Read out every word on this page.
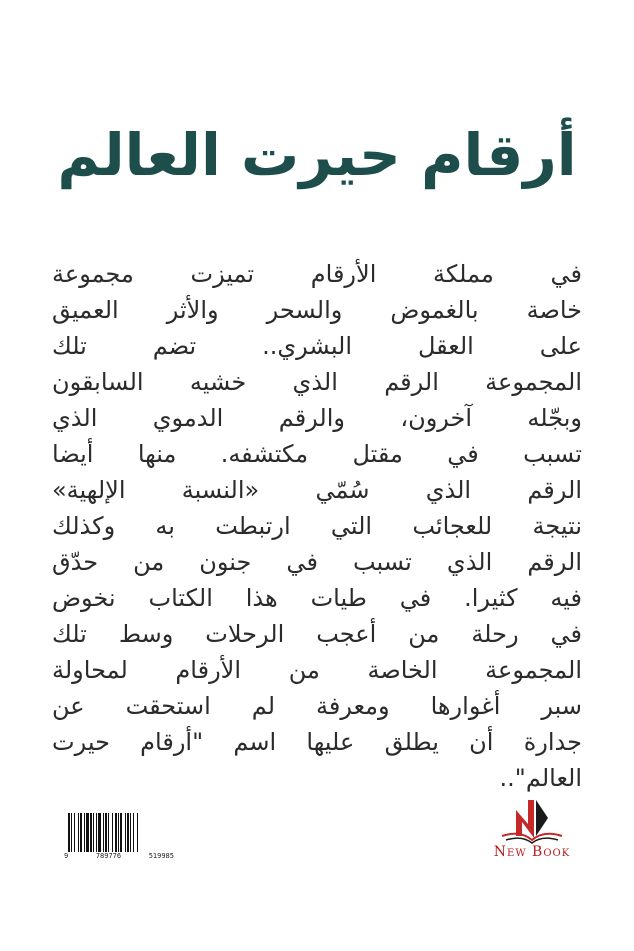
أرقام حيرت العالم
في مملكة الأرقام تميزت مجموعة
خاصة بالغموض والسحر والأثر العميق
على العقل البشري.. تضم تلك
المجموعة الرقم الذي خشيه السابقون
وبجّله آخرون، والرقم الدموي الذي
تسبب في مقتل مكتشفه. منها أيضا
الرقم الذي سُمّي «النسبة الإلهية»
نتيجة للعجائب التي ارتبطت به وكذلك
الرقم الذي تسبب في جنون من حدّق
فيه كثيرا. في طيات هذا الكتاب نخوض
في رحلة من أعجب الرحلات وسط تلك
المجموعة الخاصة من الأرقام لمحاولة
سبر أغوارها ومعرفة لم استحقت عن
جدارة أن يطلق عليها اسم "أرقام حيرت
العالم"..
9	789776	519985	New Book
